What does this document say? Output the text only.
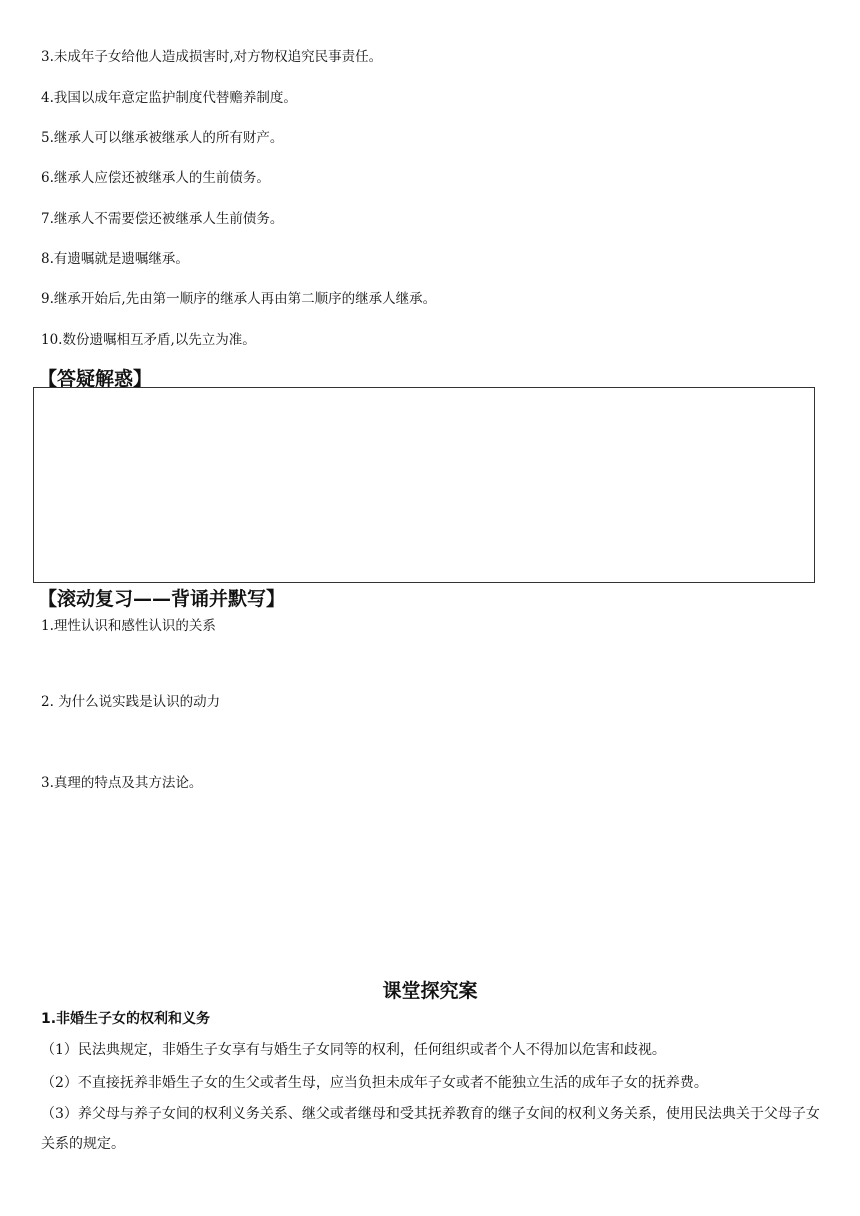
3.未成年子女给他人造成损害时,对方物权追究民事责任。
4.我国以成年意定监护制度代替赡养制度。
5.继承人可以继承被继承人的所有财产。
6.继承人应偿还被继承人的生前债务。
7.继承人不需要偿还被继承人生前债务。
8.有遗嘱就是遗嘱继承。
9.继承开始后,先由第一顺序的继承人再由第二顺序的继承人继承。
10.数份遗嘱相互矛盾,以先立为准。
【答疑解惑】
【滚动复习——背诵并默写】
1.理性认识和感性认识的关系
2. 为什么说实践是认识的动力
3.真理的特点及其方法论。
课堂探究案
1.非婚生子女的权利和义务
（1）民法典规定，非婚生子女享有与婚生子女同等的权利，任何组织或者个人不得加以危害和歧视。
（2）不直接抚养非婚生子女的生父或者生母，应当负担未成年子女或者不能独立生活的成年子女的抚养费。
（3）养父母与养子女间的权利义务关系、继父或者继母和受其抚养教育的继子女间的权利义务关系，使用民法典关于父母子女关系的规定。
